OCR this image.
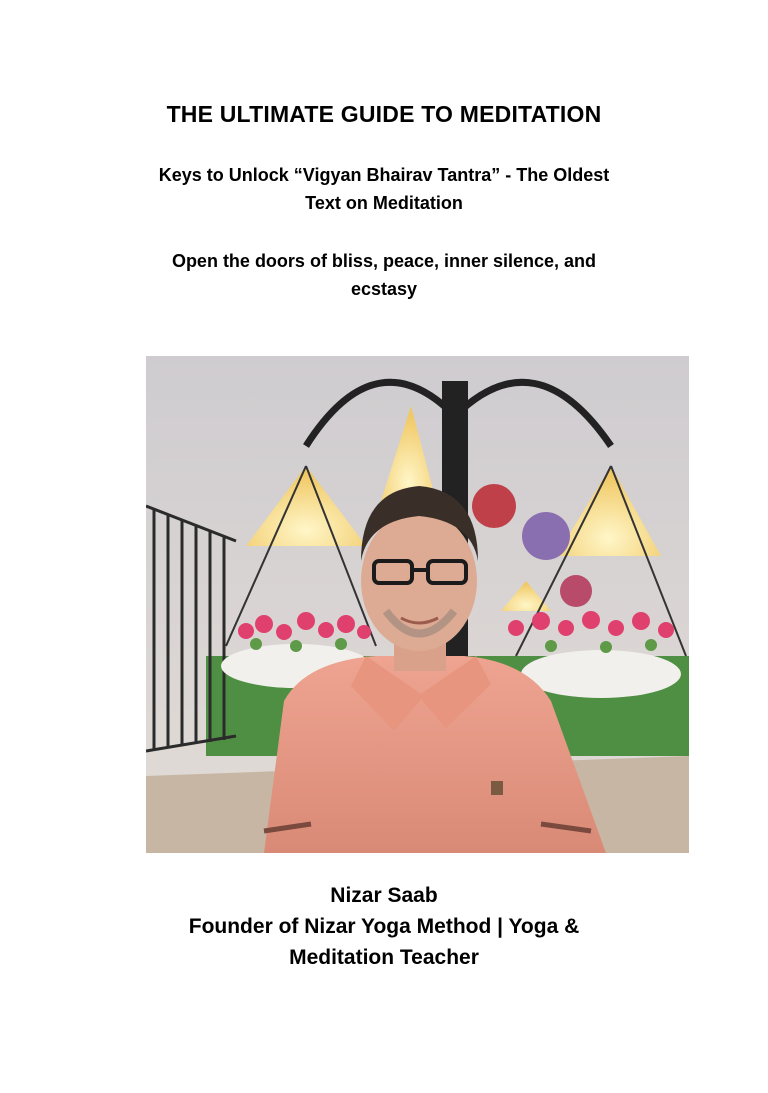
THE ULTIMATE GUIDE TO MEDITATION
Keys to Unlock “Vigyan Bhairav Tantra” - The Oldest Text on Meditation
Open the doors of bliss, peace, inner silence, and ecstasy
Nizar Saab
Founder of Nizar Yoga Method | Yoga & Meditation Teacher
